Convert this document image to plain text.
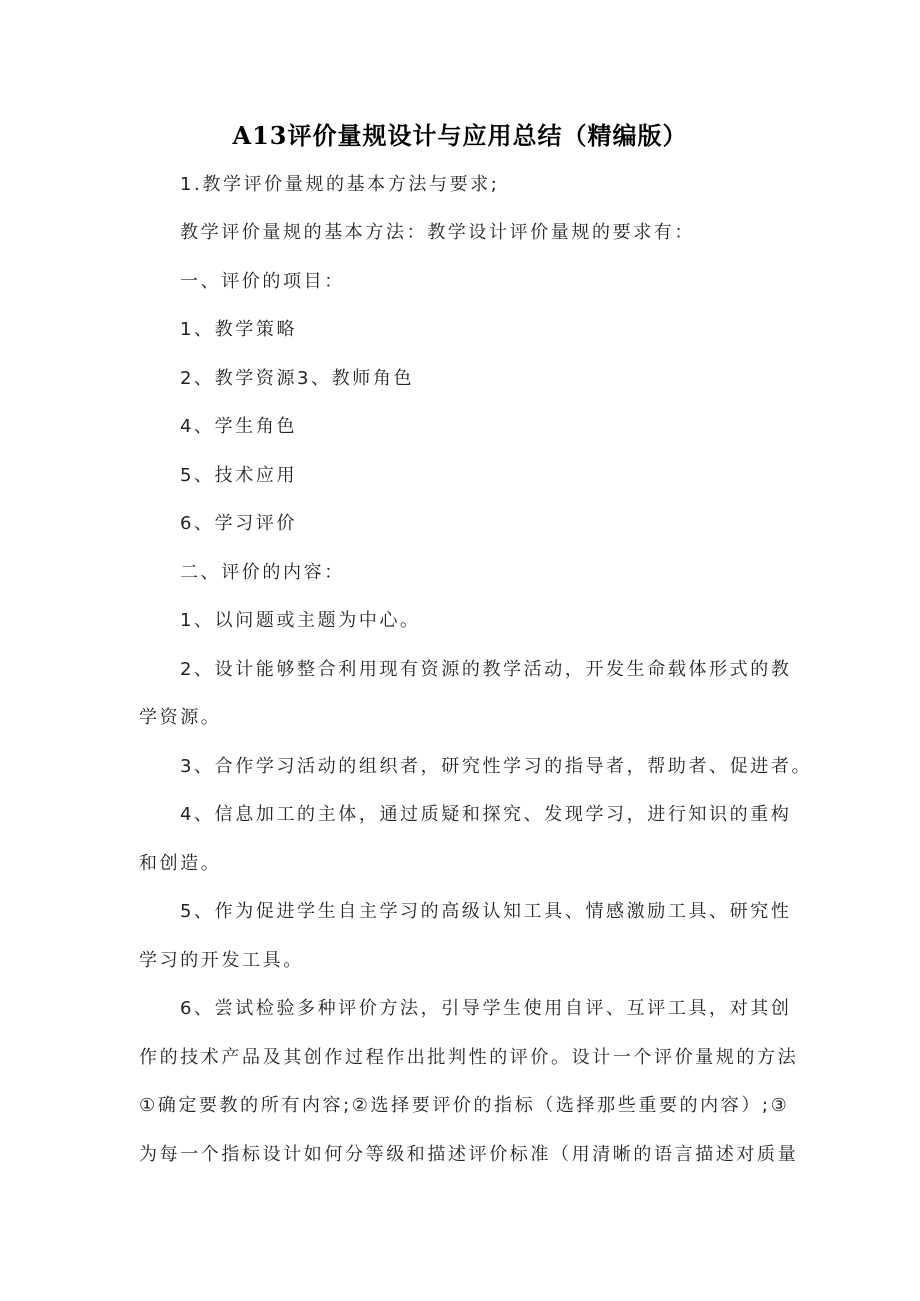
A13评价量规设计与应用总结（精编版）
1.教学评价量规的基本方法与要求;
教学评价量规的基本方法：教学设计评价量规的要求有：
一、评价的项目：
1、教学策略
2、教学资源3、教师角色
4、学生角色
5、技术应用
6、学习评价
二、评价的内容：
1、以问题或主题为中心。
2、设计能够整合利用现有资源的教学活动，开发生命载体形式的教
学资源。
3、合作学习活动的组织者，研究性学习的指导者，帮助者、促进者。
4、信息加工的主体，通过质疑和探究、发现学习，进行知识的重构
和创造。
5、作为促进学生自主学习的高级认知工具、情感激励工具、研究性
学习的开发工具。
6、尝试检验多种评价方法，引导学生使用自评、互评工具，对其创
作的技术产品及其创作过程作出批判性的评价。设计一个评价量规的方法
①确定要教的所有内容;②选择要评价的指标（选择那些重要的内容）;③
为每一个指标设计如何分等级和描述评价标准（用清晰的语言描述对质量
